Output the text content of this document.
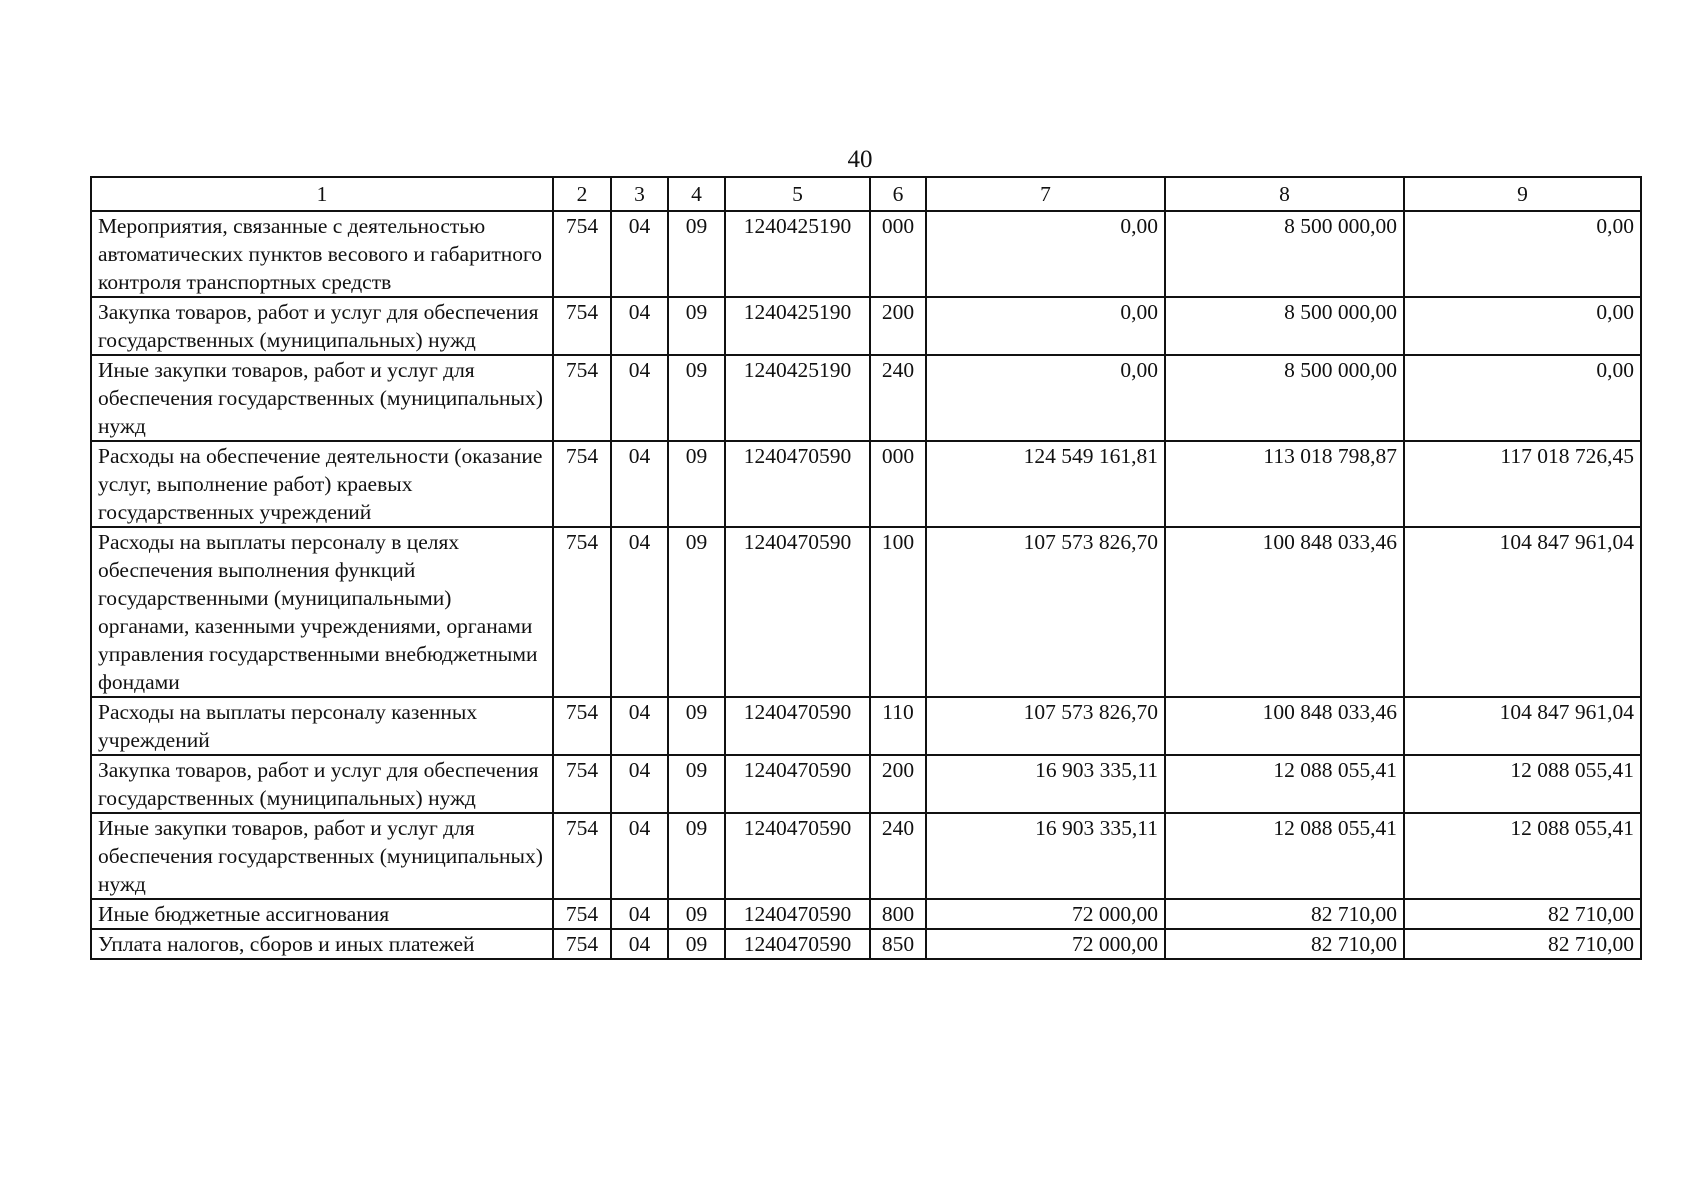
40
1	2	3	4	5	6	7	8	9
Мероприятия, связанные с деятельностью автоматических пунктов весового и габаритного контроля транспортных средств	754	04	09	1240425190	000	0,00	8 500 000,00	0,00
Закупка товаров, работ и услуг для обеспечения государственных (муниципальных) нужд	754	04	09	1240425190	200	0,00	8 500 000,00	0,00
Иные закупки товаров, работ и услуг для обеспечения государственных (муниципальных) нужд	754	04	09	1240425190	240	0,00	8 500 000,00	0,00
Расходы на обеспечение деятельности (оказание услуг, выполнение работ) краевых государственных учреждений	754	04	09	1240470590	000	124 549 161,81	113 018 798,87	117 018 726,45
Расходы на выплаты персоналу в целях обеспечения выполнения функций государственными (муниципальными) органами, казенными учреждениями, органами управления государственными внебюджетными фондами	754	04	09	1240470590	100	107 573 826,70	100 848 033,46	104 847 961,04
Расходы на выплаты персоналу казенных учреждений	754	04	09	1240470590	110	107 573 826,70	100 848 033,46	104 847 961,04
Закупка товаров, работ и услуг для обеспечения государственных (муниципальных) нужд	754	04	09	1240470590	200	16 903 335,11	12 088 055,41	12 088 055,41
Иные закупки товаров, работ и услуг для обеспечения государственных (муниципальных) нужд	754	04	09	1240470590	240	16 903 335,11	12 088 055,41	12 088 055,41
Иные бюджетные ассигнования	754	04	09	1240470590	800	72 000,00	82 710,00	82 710,00
Уплата налогов, сборов и иных платежей	754	04	09	1240470590	850	72 000,00	82 710,00	82 710,00
